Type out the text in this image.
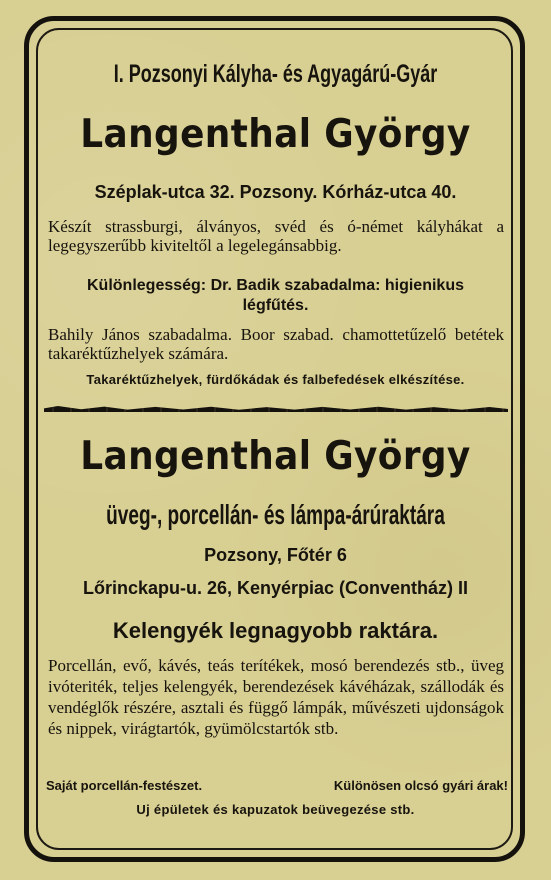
I. Pozsonyi Kályha- és Agyagárú-Gyár
Langenthal György
Széplak-utca 32. Pozsony. Kórház-utca 40.
Készít strassburgi, álványos, svéd és ó-német kályhákat a legegyszerűbb kiviteltől a legelegánsabbig.
Különlegesség: Dr. Badik szabadalma: higienikus
légfűtés.
Bahily János szabadalma. Boor szabad. chamottetűzelő betétek takaréktűzhelyek számára.
Takaréktűzhelyek, fürdőkádak és falbefedések elkészítése.
Langenthal György
üveg-, porcellán- és lámpa-árúraktára
Pozsony, Főtér 6
Lőrinckapu-u. 26, Kenyérpiac (Conventház) II
Kelengyék legnagyobb raktára.
Porcellán, evő, kávés, teás terítékek, mosó berendezés stb., üveg ivóteriték, teljes kelengyék, berendezések kávéházak, szállodák és vendéglők részére, asztali és függő lámpák, művészeti ujdonságok és nippek, virágtartók, gyümölcstartók stb.
Saját porcellán-festészet.	Különösen olcsó gyári árak!
Uj épületek és kapuzatok beüvegezése stb.
